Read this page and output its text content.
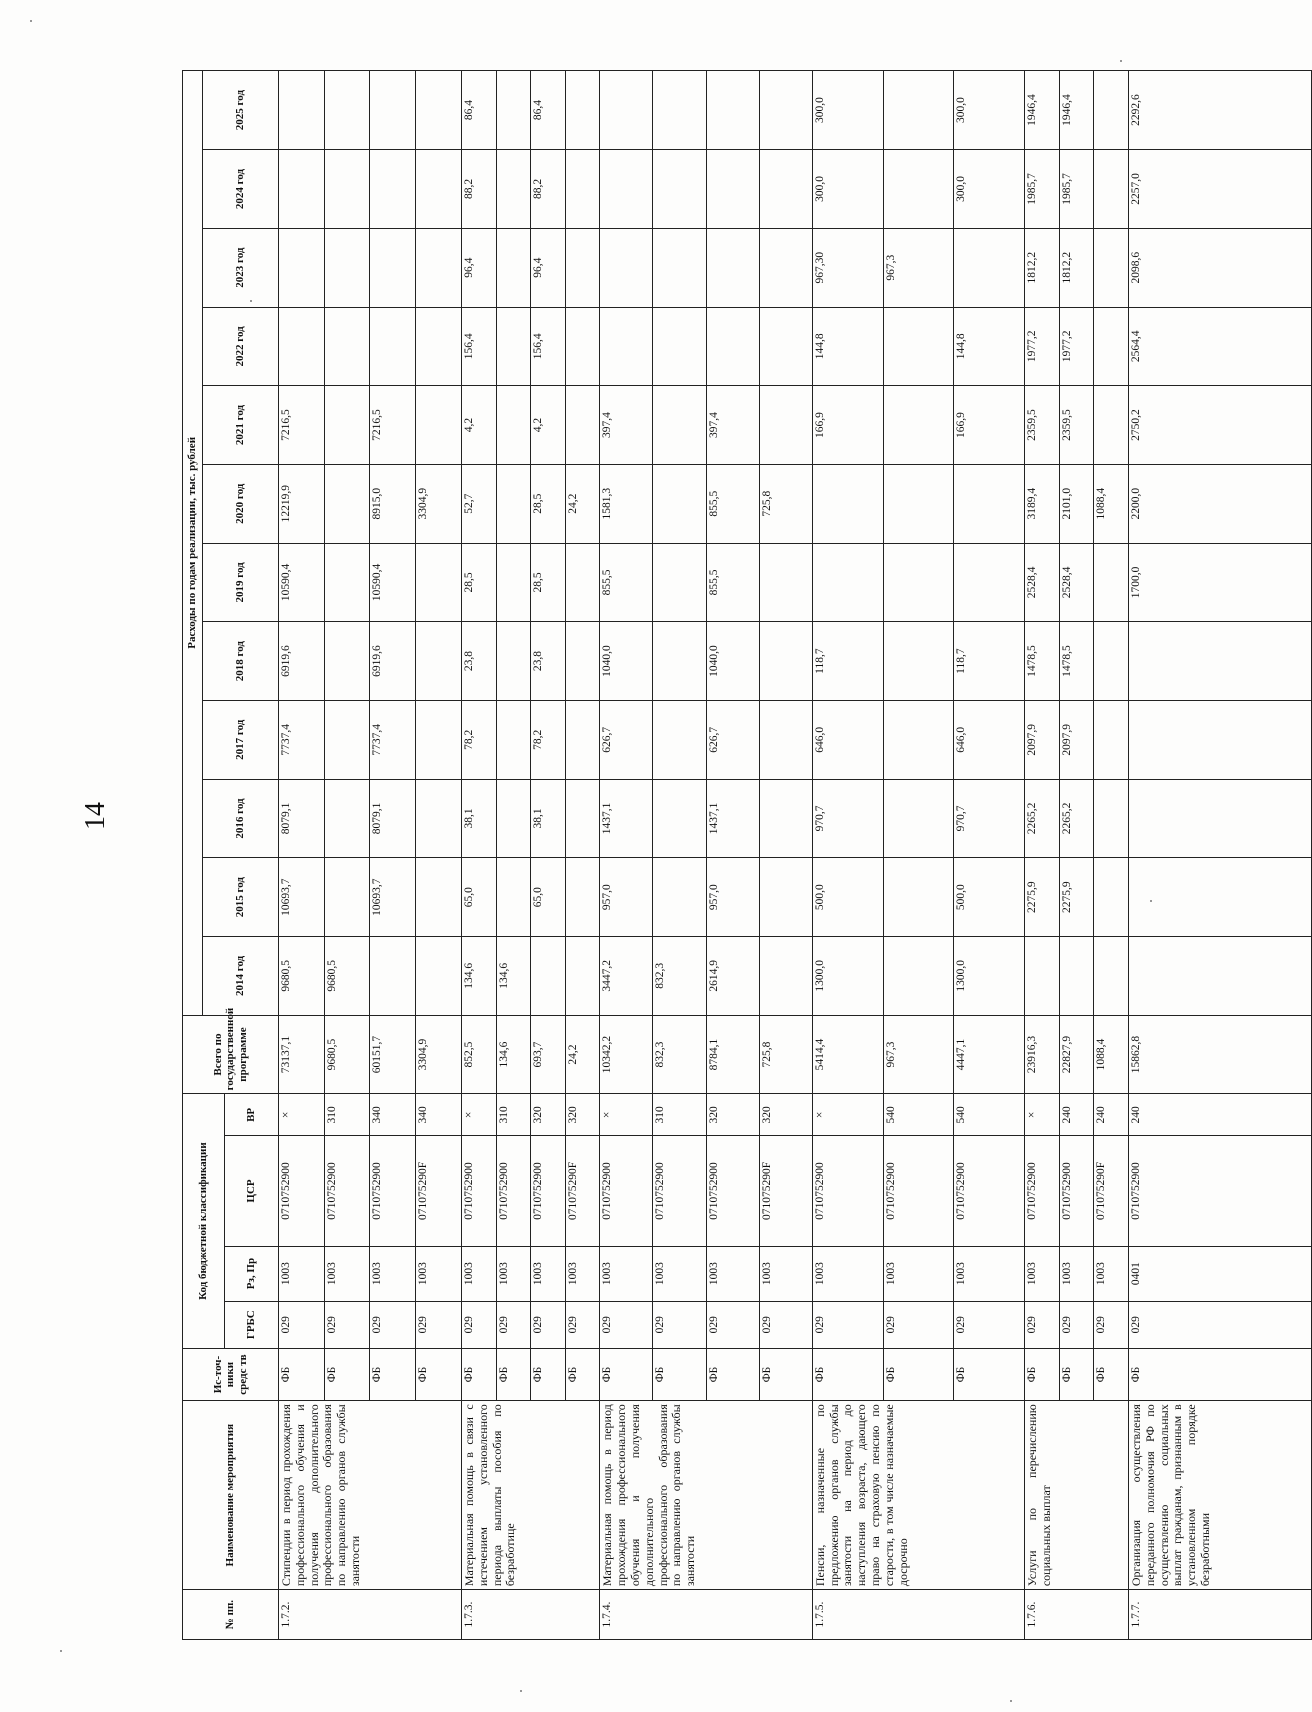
14
№ пп.	Наименование мероприятия	Ис-точ-ники средс тв	Код бюджетной классификации				Всего по государственной программе	Расходы по годам реализации, тыс. рублей											
								2014 год	2015 год	2016 год	2017 год	2018 год	2019 год	2020 год	2021 год	2022 год	2023 год	2024 год	2025 год
			ГРБС	Рз, Пр	ЦСР	ВР													
1.7.2.	Стипендии в период прохождения профессионального обучения и получения дополнительного профессионального образования по направлению органов службы занятости	ФБ	029	1003	0710752900	×	73137,1	9680,5	10693,7	8079,1	7737,4	6919,6	10590,4	12219,9	7216,5				
		ФБ	029	1003	0710752900	310	9680,5	9680,5											
		ФБ	029	1003	0710752900	340	60151,7		10693,7	8079,1	7737,4	6919,6	10590,4	8915,0	7216,5				
		ФБ	029	1003	071075290F	340	3304,9							3304,9					
1.7.3.	Материальная помощь в связи с истечением установленного периода выплаты пособия по безработице	ФБ	029	1003	0710752900	×	852,5	134,6	65,0	38,1	78,2	23,8	28,5	52,7	4,2	156,4	96,4	88,2	86,4
		ФБ	029	1003	0710752900	310	134,6	134,6											
		ФБ	029	1003	0710752900	320	693,7		65,0	38,1	78,2	23,8	28,5	28,5	4,2	156,4	96,4	88,2	86,4
		ФБ	029	1003	071075290F	320	24,2							24,2					
1.7.4.	Материальная помощь в период прохождения профессионального обучения и получения дополнительного профессионального образования по направлению органов службы занятости	ФБ	029	1003	0710752900	×	10342,2	3447,2	957,0	1437,1	626,7	1040,0	855,5	1581,3	397,4				
		ФБ	029	1003	0710752900	310	832,3	832,3											
		ФБ	029	1003	0710752900	320	8784,1	2614,9	957,0	1437,1	626,7	1040,0	855,5	855,5	397,4				
		ФБ	029	1003	071075290F	320	725,8							725,8					
1.7.5.	Пенсии, назначенные по предложению органов службы занятости на период до наступления возраста, дающего право на страховую пенсию по старости, в том числе назначаемые досрочно	ФБ	029	1003	0710752900	×	5414,4	1300,0	500,0	970,7	646,0	118,7			166,9	144,8	967,30	300,0	300,0
		ФБ	029	1003	0710752900	540	967,3										967,3		
		ФБ	029	1003	0710752900	540	4447,1	1300,0	500,0	970,7	646,0	118,7			166,9	144,8		300,0	300,0
1.7.6.	Услуги по перечислению социальных выплат	ФБ	029	1003	0710752900	×	23916,3		2275,9	2265,2	2097,9	1478,5	2528,4	3189,4	2359,5	1977,2	1812,2	1985,7	1946,4
		ФБ	029	1003	0710752900	240	22827,9		2275,9	2265,2	2097,9	1478,5	2528,4	2101,0	2359,5	1977,2	1812,2	1985,7	1946,4
		ФБ	029	1003	071075290F	240	1088,4							1088,4					
1.7.7.	Организация осуществления переданного полномочия РФ по осуществлению социальных выплат гражданам, признанным в установленном порядке безработными	ФБ	029	0401	0710752900	240	15862,8						1700,0	2200,0	2750,2	2564,4	2098,6	2257,0	2292,6
